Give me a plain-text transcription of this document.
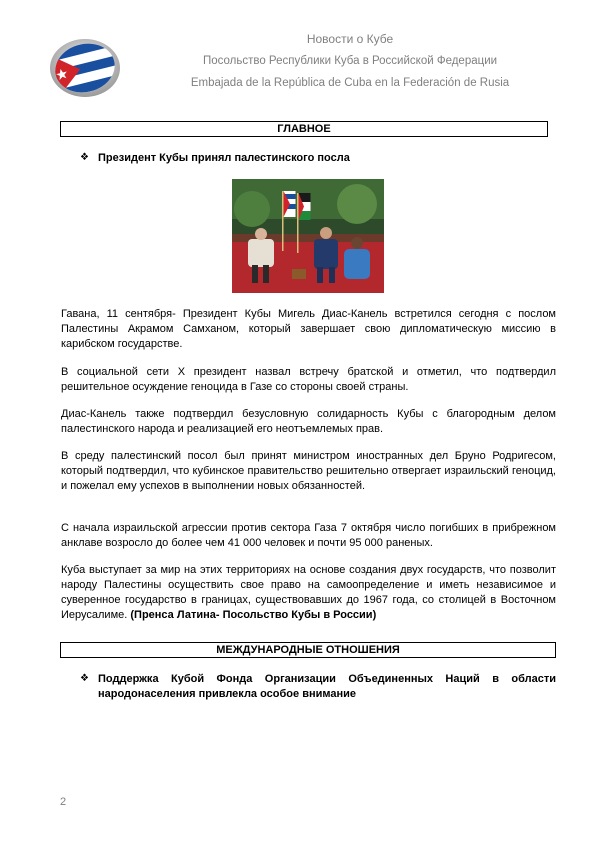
Новости о Кубе
Посольство Республики Куба в Российской Федерации
Embajada de la República de Cuba en la Federación de Rusia
ГЛАВНОЕ
❖ Президент Кубы принял палестинского посла

Гавана, 11 сентября- Президент Кубы Мигель Диас-Канель встретился сегодня с послом Палестины Акрамом Самханом, который завершает свою дипломатическую миссию в карибском государстве.

В социальной сети X президент назвал встречу братской и отметил, что подтвердил решительное осуждение геноцида в Газе со стороны своей страны.

Диас-Канель также подтвердил безусловную солидарность Кубы с благородным делом палестинского народа и реализацией его неотъемлемых прав.

В среду палестинский посол был принят министром иностранных дел Бруно Родригесом, который подтвердил, что кубинское правительство решительно отвергает израильский геноцид, и пожелал ему успехов в выполнении новых обязанностей.

С начала израильской агрессии против сектора Газа 7 октября число погибших в прибрежном анклаве возросло до более чем 41 000 человек и почти 95 000 раненых.

Куба выступает за мир на этих территориях на основе создания двух государств, что позволит народу Палестины осуществить свое право на самоопределение и иметь независимое и суверенное государство в границах, существовавших до 1967 года, со столицей в Восточном Иерусалиме. (Пренса Латина- Посольство Кубы в России)

МЕЖДУНАРОДНЫЕ ОТНОШЕНИЯ
❖ Поддержка Кубой Фонда Организации Объединенных Наций в области народонаселения привлекла особое внимание
2
